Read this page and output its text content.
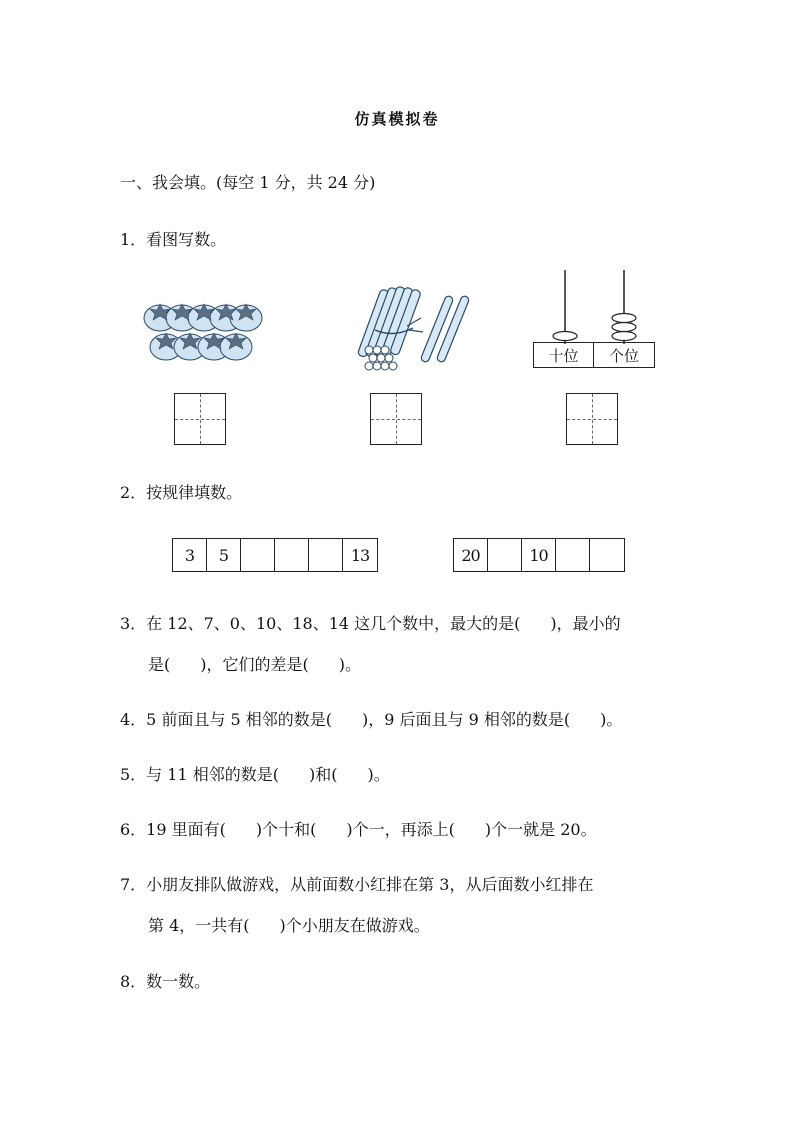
仿真模拟卷
一、我会填。(每空 1 分，共 24 分)
1．看图写数。
十位	个位
2．按规律填数。
3	5	13	20	10
3．在 12、7、0、10、18、14 这几个数中，最大的是( )，最小的
是( )，它们的差是( )。
4．5 前面且与 5 相邻的数是( )，9 后面且与 9 相邻的数是( )。
5．与 11 相邻的数是( )和( )。
6．19 里面有( )个十和( )个一，再添上( )个一就是 20。
7．小朋友排队做游戏，从前面数小红排在第 3，从后面数小红排在
第 4，一共有( )个小朋友在做游戏。
8．数一数。
